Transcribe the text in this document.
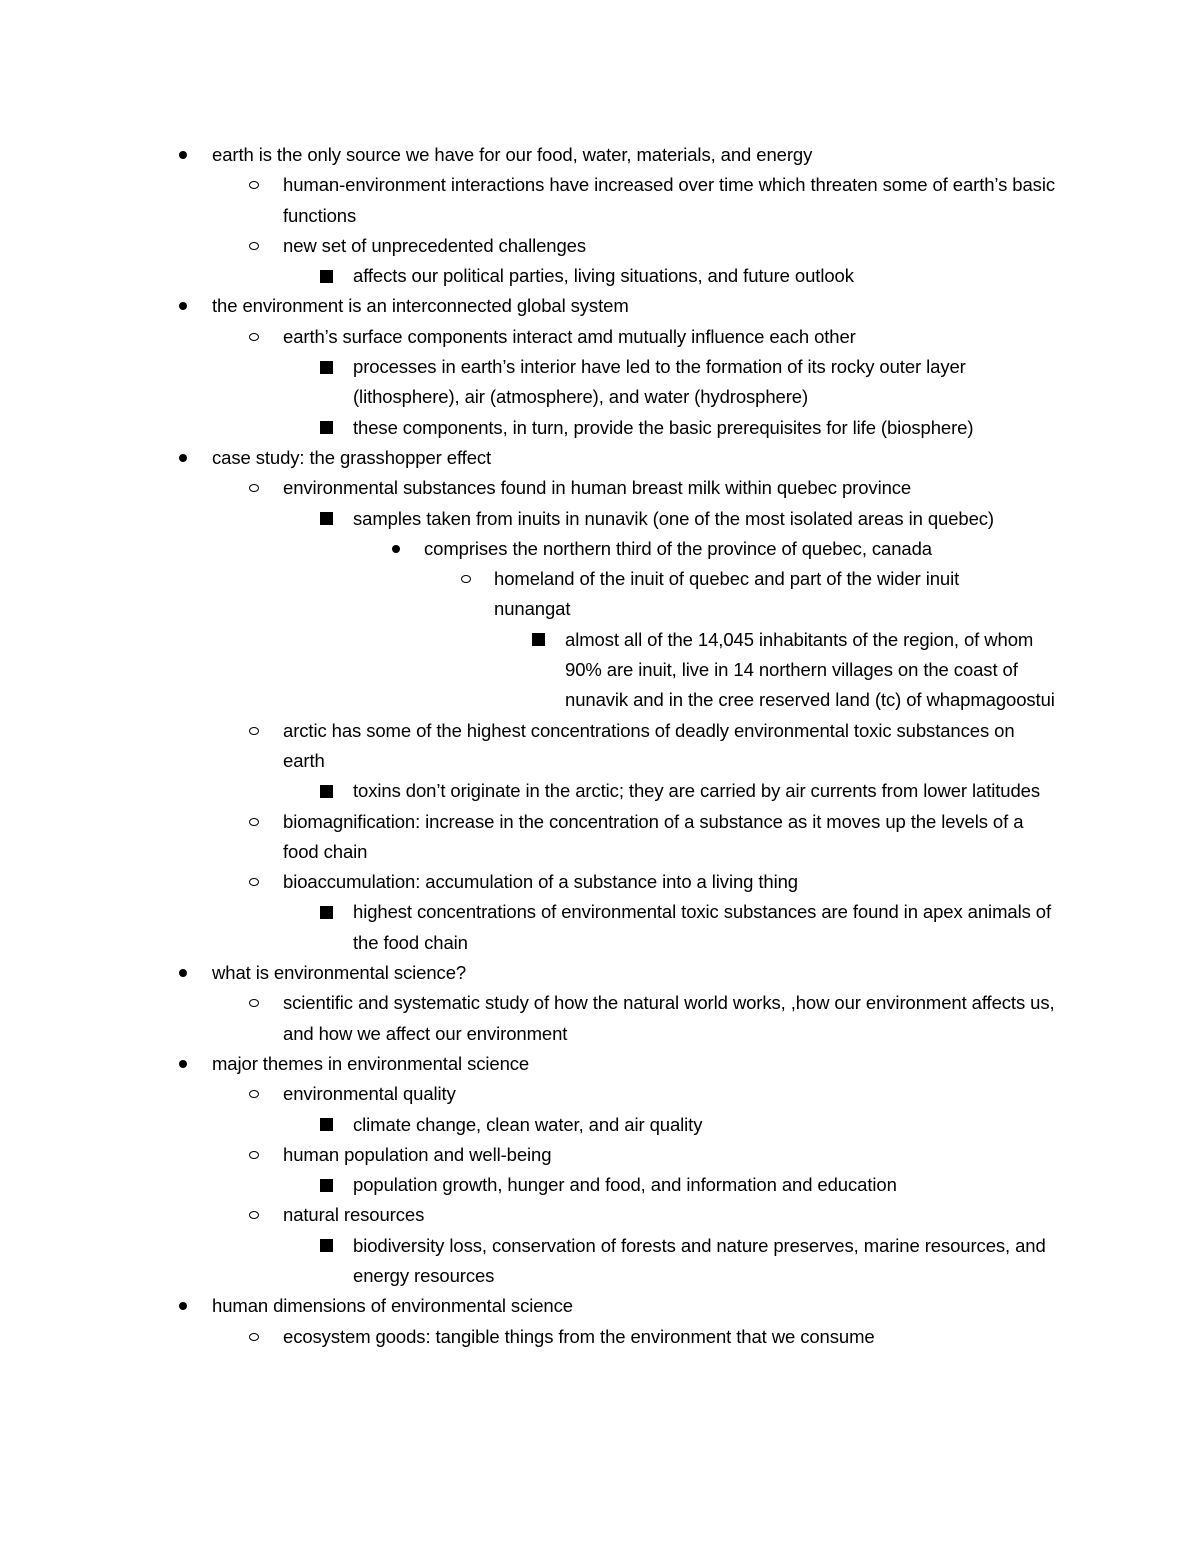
earth is the only source we have for our food, water, materials, and energy
human-environment interactions have increased over time which threaten some of earth’s basic functions
new set of unprecedented challenges
affects our political parties, living situations, and future outlook
the environment is an interconnected global system
earth’s surface components interact amd mutually influence each other
processes in earth’s interior have led to the formation of its rocky outer layer (lithosphere), air (atmosphere), and water (hydrosphere)
these components, in turn, provide the basic prerequisites for life (biosphere)
case study: the grasshopper effect
environmental substances found in human breast milk within quebec province
samples taken from inuits in nunavik (one of the most isolated areas in quebec)
comprises the northern third of the province of quebec, canada
homeland of the inuit of quebec and part of the wider inuit nunangat
almost all of the 14,045 inhabitants of the region, of whom 90% are inuit, live in 14 northern villages on the coast of nunavik and in the cree reserved land (tc) of whapmagoostui
arctic has some of the highest concentrations of deadly environmental toxic substances on earth
toxins don’t originate in the arctic; they are carried by air currents from lower latitudes
biomagnification: increase in the concentration of a substance as it moves up the levels of a food chain
bioaccumulation: accumulation of a substance into a living thing
highest concentrations of environmental toxic substances are found in apex animals of the food chain
what is environmental science?
scientific and systematic study of how the natural world works, ,how our environment affects us, and how we affect our environment
major themes in environmental science
environmental quality
climate change, clean water, and air quality
human population and well-being
population growth, hunger and food, and information and education
natural resources
biodiversity loss, conservation of forests and nature preserves, marine resources, and energy resources
human dimensions of environmental science
ecosystem goods: tangible things from the environment that we consume
